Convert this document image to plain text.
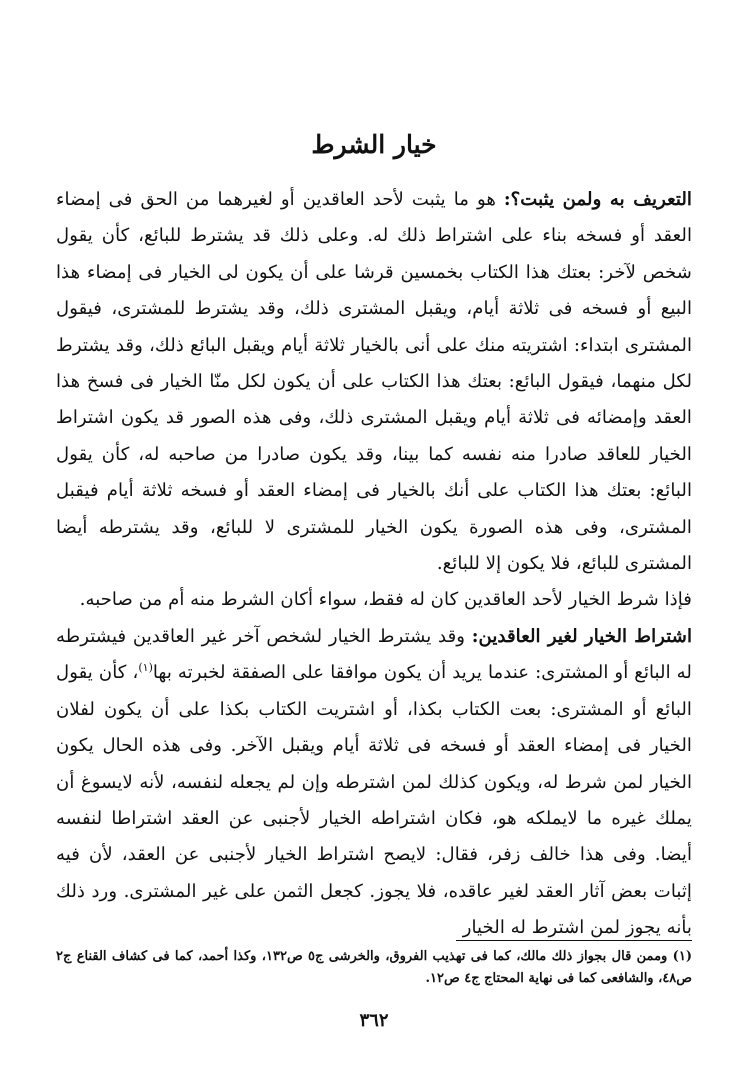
خيار الشرط

التعريف به ولمن يثبت؟: هو ما يثبت لأحد العاقدين أو لغيرهما من الحق فى إمضاء العقد أو فسخه بناء على اشتراط ذلك له. وعلى ذلك قد يشترط للبائع، كأن يقول شخص لآخر: بعتك هذا الكتاب بخمسين قرشا على أن يكون لى الخيار فى إمضاء هذا البيع أو فسخه فى ثلاثة أيام، ويقبل المشترى ذلك، وقد يشترط للمشترى، فيقول المشترى ابتداء: اشتريته منك على أنى بالخيار ثلاثة أيام ويقبل البائع ذلك، وقد يشترط لكل منهما، فيقول البائع: بعتك هذا الكتاب على أن يكون لكل منّا الخيار فى فسخ هذا العقد وإمضائه فى ثلاثة أيام ويقبل المشترى ذلك، وفى هذه الصور قد يكون اشتراط الخيار للعاقد صادرا منه نفسه كما بينا، وقد يكون صادرا من صاحبه له، كأن يقول البائع: بعتك هذا الكتاب على أنك بالخيار فى إمضاء العقد أو فسخه ثلاثة أيام فيقبل المشترى، وفى هذه الصورة يكون الخيار للمشترى لا للبائع، وقد يشترطه أيضا المشترى للبائع، فلا يكون إلا للبائع.

فإذا شرط الخيار لأحد العاقدين كان له فقط، سواء أكان الشرط منه أم من صاحبه.

اشتراط الخيار لغير العاقدين: وقد يشترط الخيار لشخص آخر غير العاقدين فيشترطه له البائع أو المشترى: عندما يريد أن يكون موافقا على الصفقة لخبرته بها$^{(١)}$، كأن يقول البائع أو المشترى: بعت الكتاب بكذا، أو اشتريت الكتاب بكذا على أن يكون لفلان الخيار فى إمضاء العقد أو فسخه فى ثلاثة أيام ويقبل الآخر. وفى هذه الحال يكون الخيار لمن شرط له، ويكون كذلك لمن اشترطه وإن لم يجعله لنفسه، لأنه لايسوغ أن يملك غيره ما لايملكه هو، فكان اشتراطه الخيار لأجنبى عن العقد اشتراطا لنفسه أيضا. وفى هذا خالف زفر، فقال: لايصح اشتراط الخيار لأجنبى عن العقد، لأن فيه إثبات بعض آثار العقد لغير عاقده، فلا يجوز. كجعل الثمن على غير المشترى. ورد ذلك بأنه يجوز لمن اشترط له الخيار

(١) وممن قال بجواز ذلك مالك، كما فى تهذيب الفروق، والخرشى ج٥ ص١٣٢، وكذا أحمد، كما فى كشاف القناع ج٢ ص٤٨، والشافعى كما فى نهاية المحتاج ج٤ ص١٢.

٣٦٢
